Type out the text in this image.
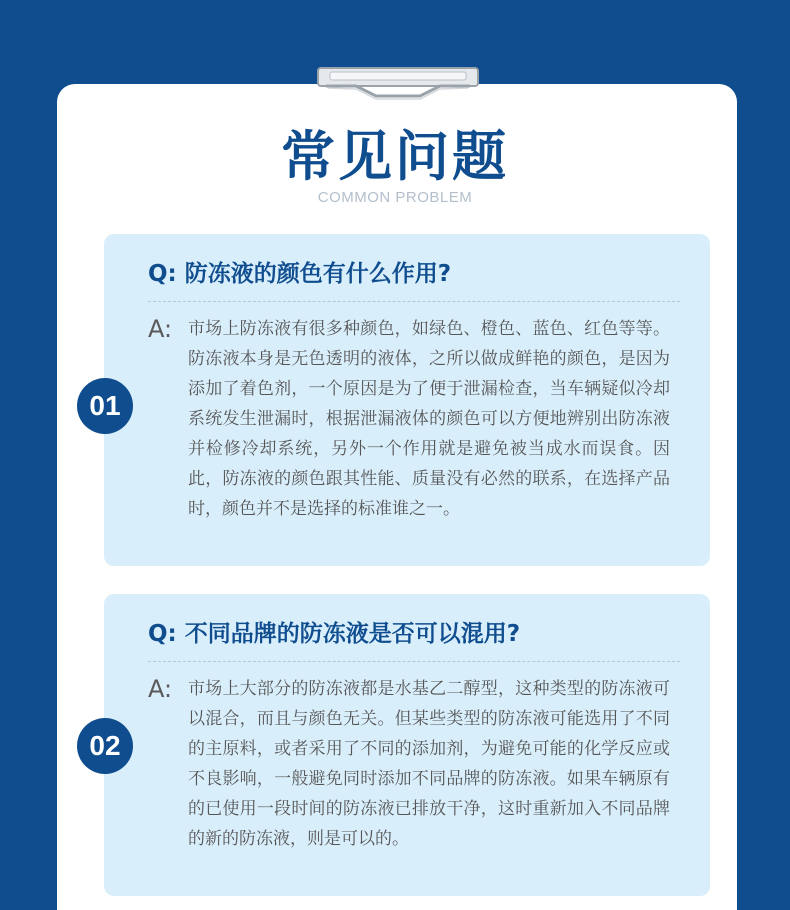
常见问题
COMMON PROBLEM
Q: 防冻液的颜色有什么作用?
A: 市场上防冻液有很多种颜色，如绿色、橙色、蓝色、红色等等。防冻液本身是无色透明的液体，之所以做成鲜艳的颜色，是因为添加了着色剂，一个原因是为了便于泄漏检查，当车辆疑似冷却系统发生泄漏时，根据泄漏液体的颜色可以方便地辨别出防冻液并检修冷却系统，另外一个作用就是避免被当成水而误食。因此，防冻液的颜色跟其性能、质量没有必然的联系，在选择产品时，颜色并不是选择的标准谁之一。
01
Q: 不同品牌的防冻液是否可以混用?
A: 市场上大部分的防冻液都是水基乙二醇型，这种类型的防冻液可以混合，而且与颜色无关。但某些类型的防冻液可能选用了不同的主原料，或者采用了不同的添加剂，为避免可能的化学反应或不良影响，一般避免同时添加不同品牌的防冻液。如果车辆原有的已使用一段时间的防冻液已排放干净，这时重新加入不同品牌的新的防冻液，则是可以的。
02
